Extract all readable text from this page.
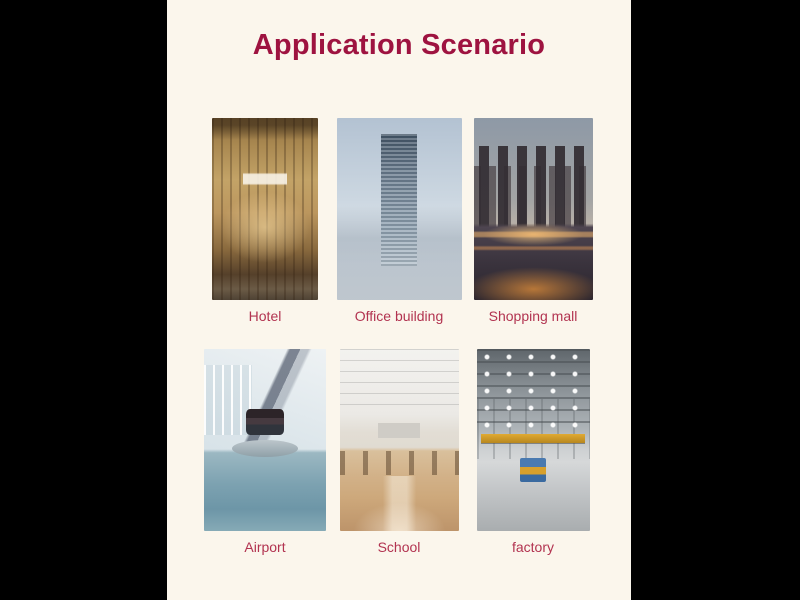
Application Scenario
Hotel	Office building	Shopping mall
Airport	School	factory
